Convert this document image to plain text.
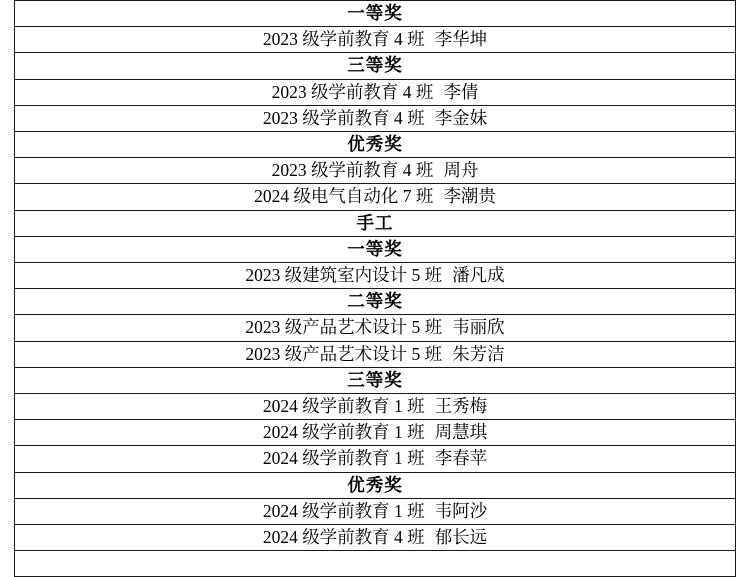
一等奖
2023 级学前教育 4 班 李华坤
三等奖
2023 级学前教育 4 班 李倩
2023 级学前教育 4 班 李金妹
优秀奖
2023 级学前教育 4 班 周舟
2024 级电气自动化 7 班 李潮贵
手工
一等奖
2023 级建筑室内设计 5 班 潘凡成
二等奖
2023 级产品艺术设计 5 班 韦丽欣
2023 级产品艺术设计 5 班 朱芳洁
三等奖
2024 级学前教育 1 班 王秀梅
2024 级学前教育 1 班 周慧琪
2024 级学前教育 1 班 李春苹
优秀奖
2024 级学前教育 1 班 韦阿沙
2024 级学前教育 4 班 郁长远
